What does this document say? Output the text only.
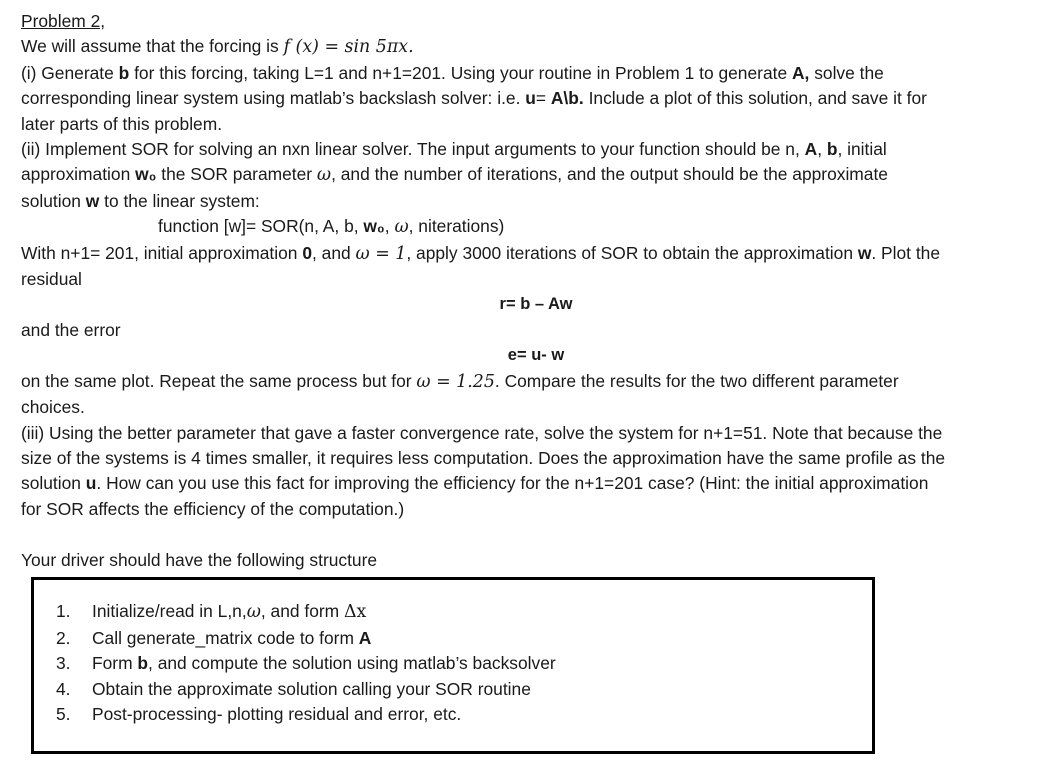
Problem 2,
We will assume that the forcing is f (x) = sin 5πx.
(i) Generate b for this forcing, taking L=1 and n+1=201. Using your routine in Problem 1 to generate A, solve the
corresponding linear system using matlab’s backslash solver: i.e. u= A\b. Include a plot of this solution, and save it for
later parts of this problem.
(ii) Implement SOR for solving an nxn linear solver. The input arguments to your function should be n, A, b, initial
approximation w₀ the SOR parameter ω, and the number of iterations, and the output should be the approximate
solution w to the linear system:
function [w]= SOR(n, A, b, w₀, ω, niterations)
With n+1= 201, initial approximation 0, and ω = 1, apply 3000 iterations of SOR to obtain the approximation w. Plot the
residual
r= b – Aw
and the error
e= u- w
on the same plot. Repeat the same process but for ω = 1.25. Compare the results for the two different parameter
choices.
(iii) Using the better parameter that gave a faster convergence rate, solve the system for n+1=51. Note that because the
size of the systems is 4 times smaller, it requires less computation. Does the approximation have the same profile as the
solution u. How can you use this fact for improving the efficiency for the n+1=201 case? (Hint: the initial approximation
for SOR affects the efficiency of the computation.)
Your driver should have the following structure
1. Initialize/read in L,n,ω, and form Δx
2. Call generate_matrix code to form A
3. Form b, and compute the solution using matlab’s backsolver
4. Obtain the approximate solution calling your SOR routine
5. Post-processing- plotting residual and error, etc.
